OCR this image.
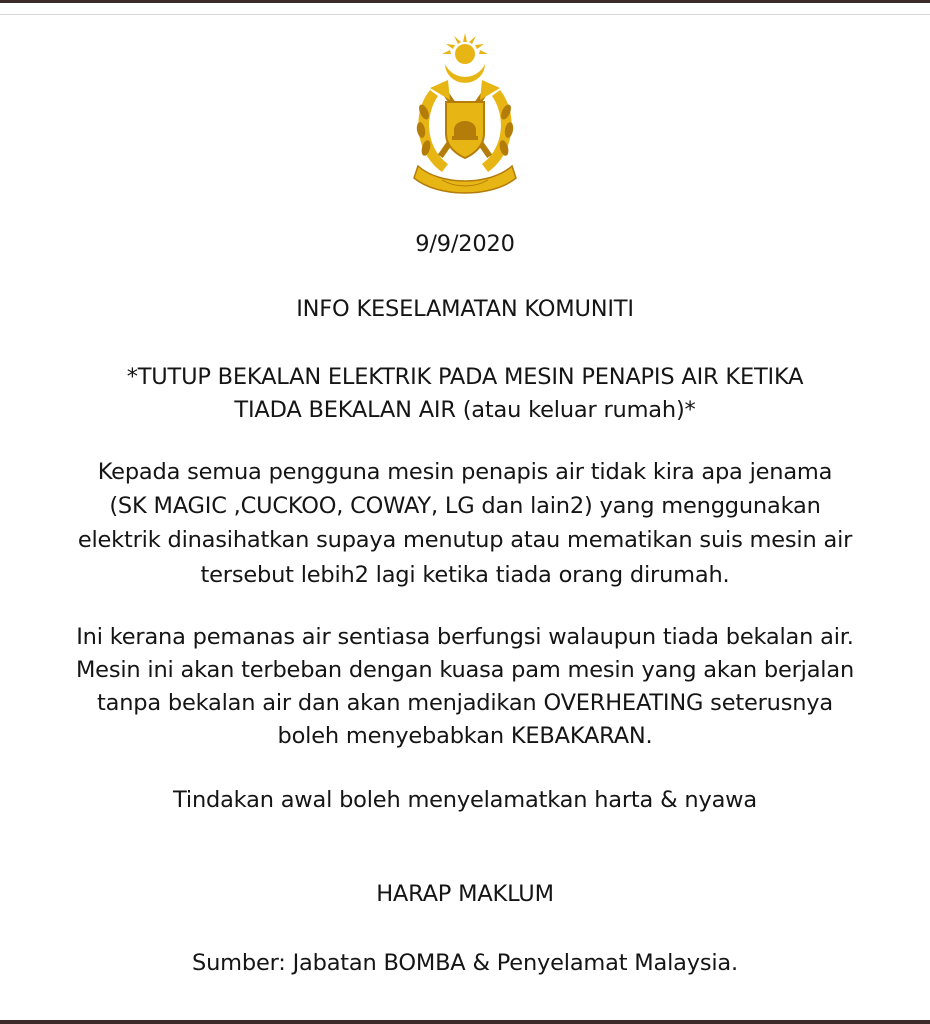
9/9/2020
INFO KESELAMATAN KOMUNITI
*TUTUP BEKALAN ELEKTRIK PADA MESIN PENAPIS AIR KETIKA
TIADA BEKALAN AIR (atau keluar rumah)*
Kepada semua pengguna mesin penapis air tidak kira apa jenama
(SK MAGIC ,CUCKOO, COWAY, LG dan lain2) yang menggunakan
elektrik dinasihatkan supaya menutup atau mematikan suis mesin air
tersebut lebih2 lagi ketika tiada orang dirumah.
Ini kerana pemanas air sentiasa berfungsi walaupun tiada bekalan air.
Mesin ini akan terbeban dengan kuasa pam mesin yang akan berjalan
tanpa bekalan air dan akan menjadikan OVERHEATING seterusnya
boleh menyebabkan KEBAKARAN.
Tindakan awal boleh menyelamatkan harta & nyawa
HARAP MAKLUM
Sumber: Jabatan BOMBA & Penyelamat Malaysia.
